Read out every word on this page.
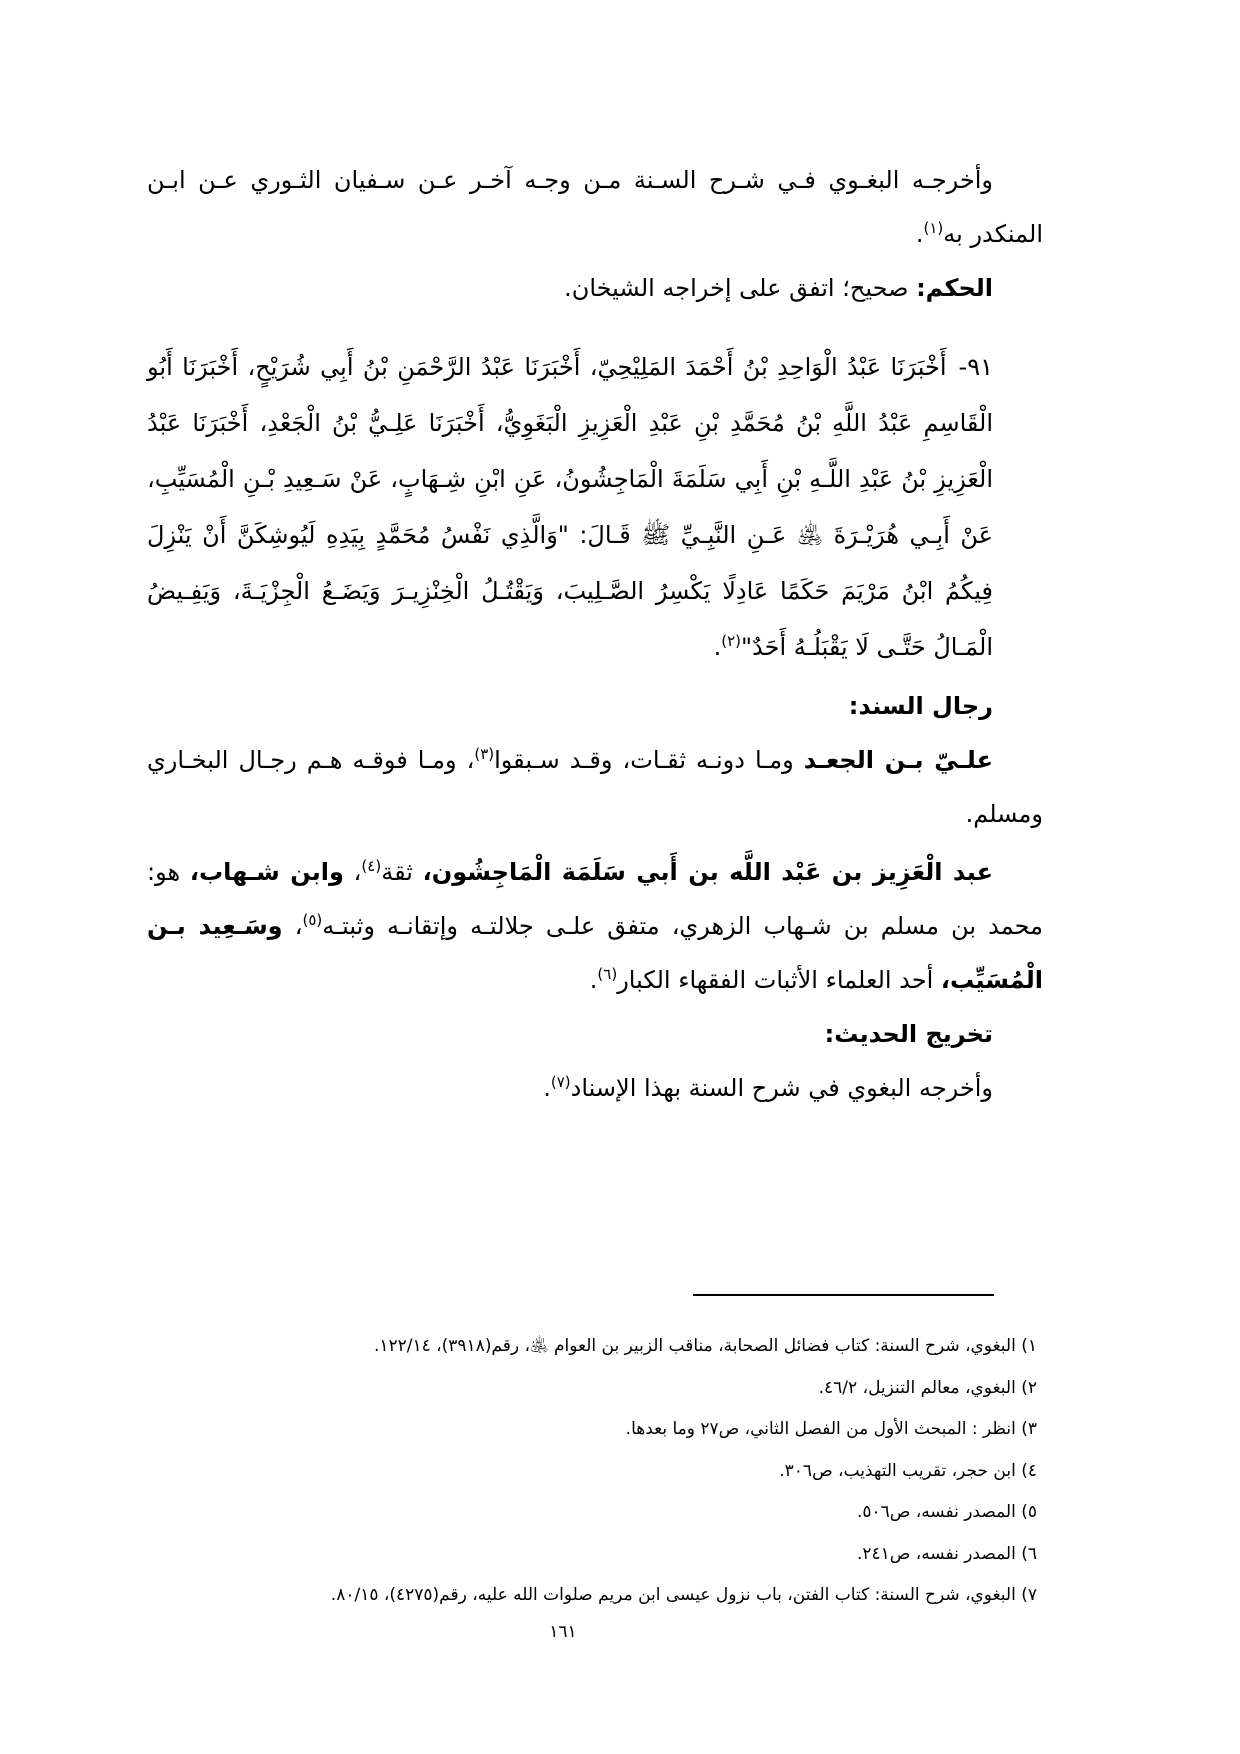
وأخرجـه البغـوي فـي شـرح السـنة مـن وجـه آخـر عـن سـفيان الثـوري عـن ابـن المنكدر به$^{(١)}$.

الحكم: صحيح؛ اتفق على إخراجه الشيخان.

٩١-أَخْبَرَنَا عَبْدُ الْوَاحِدِ بْنُ أَحْمَدَ المَلِيْحِيّ، أَخْبَرَنَا عَبْدُ الرَّحْمَنِ بْنُ أَبِي شُرَيْحٍ، أَخْبَرَنَا أَبُو الْقَاسِمِ عَبْدُ اللَّهِ بْنُ مُحَمَّدِ بْنِ عَبْدِ الْعَزِيزِ الْبَغَوِيُّ، أَخْبَرَنَا عَلِـيُّ بْنُ الْجَعْدِ، أَخْبَرَنَا عَبْدُ الْعَزِيزِ بْنُ عَبْدِ اللَّـهِ بْنِ أَبِي سَلَمَةَ الْمَاجِشُونُ، عَنِ ابْنِ شِـهَابٍ، عَنْ سَـعِيدِ بْـنِ الْمُسَيِّبِ، عَنْ أَبِـي هُرَيْـرَةَ ﵁ عَـنِ النَّبِـيِّ ﷺ قَـالَ: "وَالَّذِي نَفْسُ مُحَمَّدٍ بِيَدِهِ لَيُوشِكَنَّ أَنْ يَنْزِلَ فِيكُمُ ابْنُ مَرْيَمَ حَكَمًا عَادِلًا يَكْسِرُ الصَّـلِيبَ، وَيَقْتُـلُ الْخِنْزِيـرَ وَيَضَـعُ الْجِزْيَـةَ، وَيَفِـيضُ الْمَـالُ حَتَّـى لَا يَقْبَلُـهُ أَحَدٌ"$^{(٢)}$.

رجال السند:

علـيّ بـن الجعـد ومـا دونـه ثقـات، وقـد سـبقوا$^{(٣)}$، ومـا فوقـه هـم رجـال البخـاري ومسلم.

عبد الْعَزِيز بن عَبْد اللَّه بن أَبي سَلَمَة الْمَاجِشُون، ثقة$^{(٤)}$، وابن شـهاب، هو: محمد بن مسلم بن شـهاب الزهري، متفق علـى جلالتـه وإتقانـه وثبتـه$^{(٥)}$، وسَـعِيد بـن الْمُسَيِّب، أحد العلماء الأثبات الفقهاء الكبار$^{(٦)}$.

تخريج الحديث:

وأخرجه البغوي في شرح السنة بهذا الإسناد$^{(٧)}$.

١) البغوي، شرح السنة: كتاب فضائل الصحابة، مناقب الزبير بن العوام ﵁، رقم(٣٩١٨)، ١٢٢/١٤.

٢) البغوي، معالم التنزيل، ٤٦/٢.

٣) انظر : المبحث الأول من الفصل الثاني، ص٢٧ وما بعدها.

٤) ابن حجر، تقريب التهذيب، ص٣٠٦.

٥) المصدر نفسه، ص٥٠٦.

٦) المصدر نفسه، ص٢٤١.

٧) البغوي، شرح السنة: كتاب الفتن، باب نزول عيسى ابن مريم صلوات الله عليه، رقم(٤٢٧٥)، ٨٠/١٥.

١٦١
